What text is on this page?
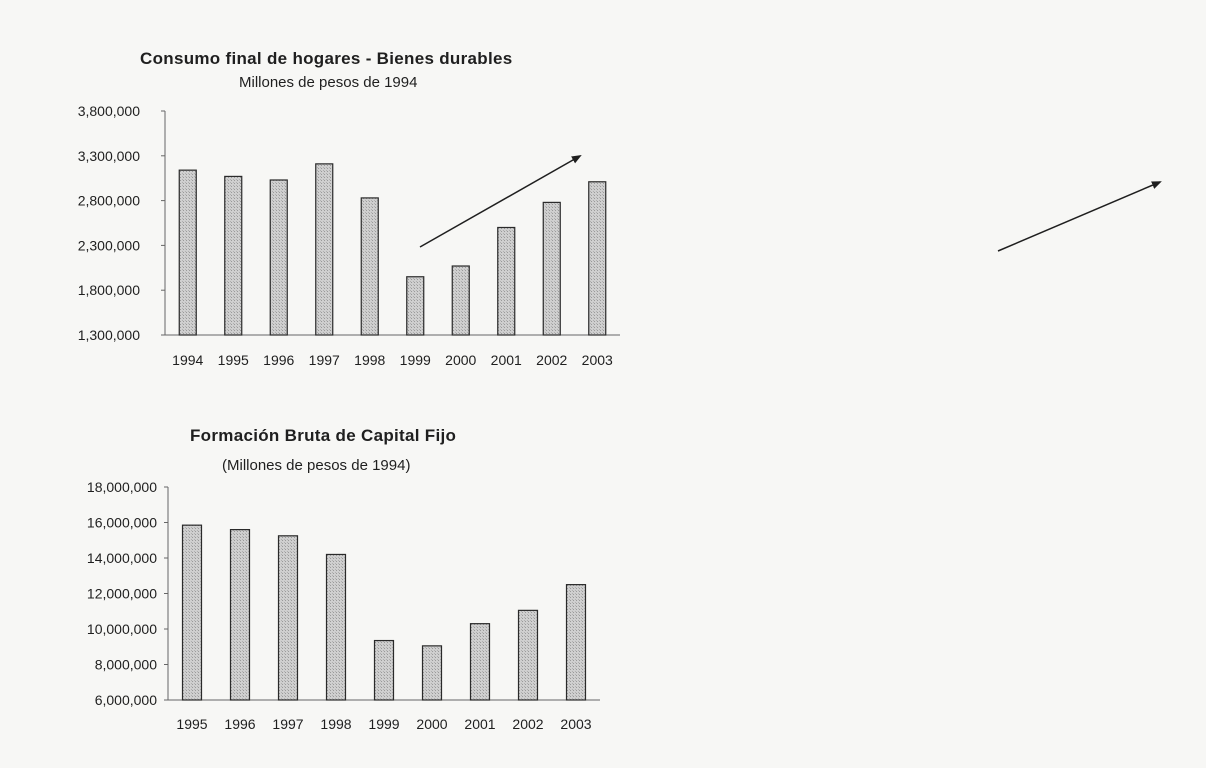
Consumo final de hogares - Bienes durables

Millones de pesos de 1994

Formación Bruta de Capital Fijo

(Millones de pesos de 1994)

1,300,000
1,800,000
2,300,000
2,800,000
3,300,000
3,800,000
1994 1995 1996 1997 1998 1999 2000 2001 2002 2003
6,000,000
8,000,000
10,000,000
12,000,000
14,000,000
16,000,000
18,000,000
1995 1996 1997 1998 1999 2000 2001 2002 2003
